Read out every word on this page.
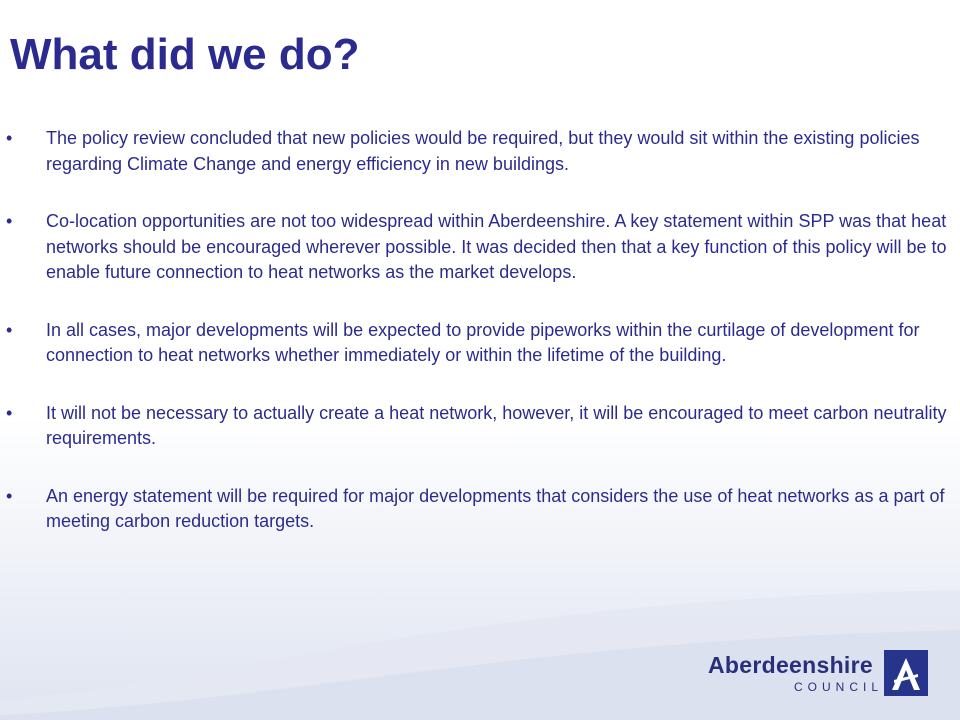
What did we do?
• The policy review concluded that new policies would be required, but they would sit within the existing policies regarding Climate Change and energy efficiency in new buildings.
• Co-location opportunities are not too widespread within Aberdeenshire. A key statement within SPP was that heat networks should be encouraged wherever possible. It was decided then that a key function of this policy will be to enable future connection to heat networks as the market develops.
• In all cases, major developments will be expected to provide pipeworks within the curtilage of development for connection to heat networks whether immediately or within the lifetime of the building.
• It will not be necessary to actually create a heat network, however, it will be encouraged to meet carbon neutrality requirements.
• An energy statement will be required for major developments that considers the use of heat networks as a part of meeting carbon reduction targets.
Aberdeenshire
COUNCIL
